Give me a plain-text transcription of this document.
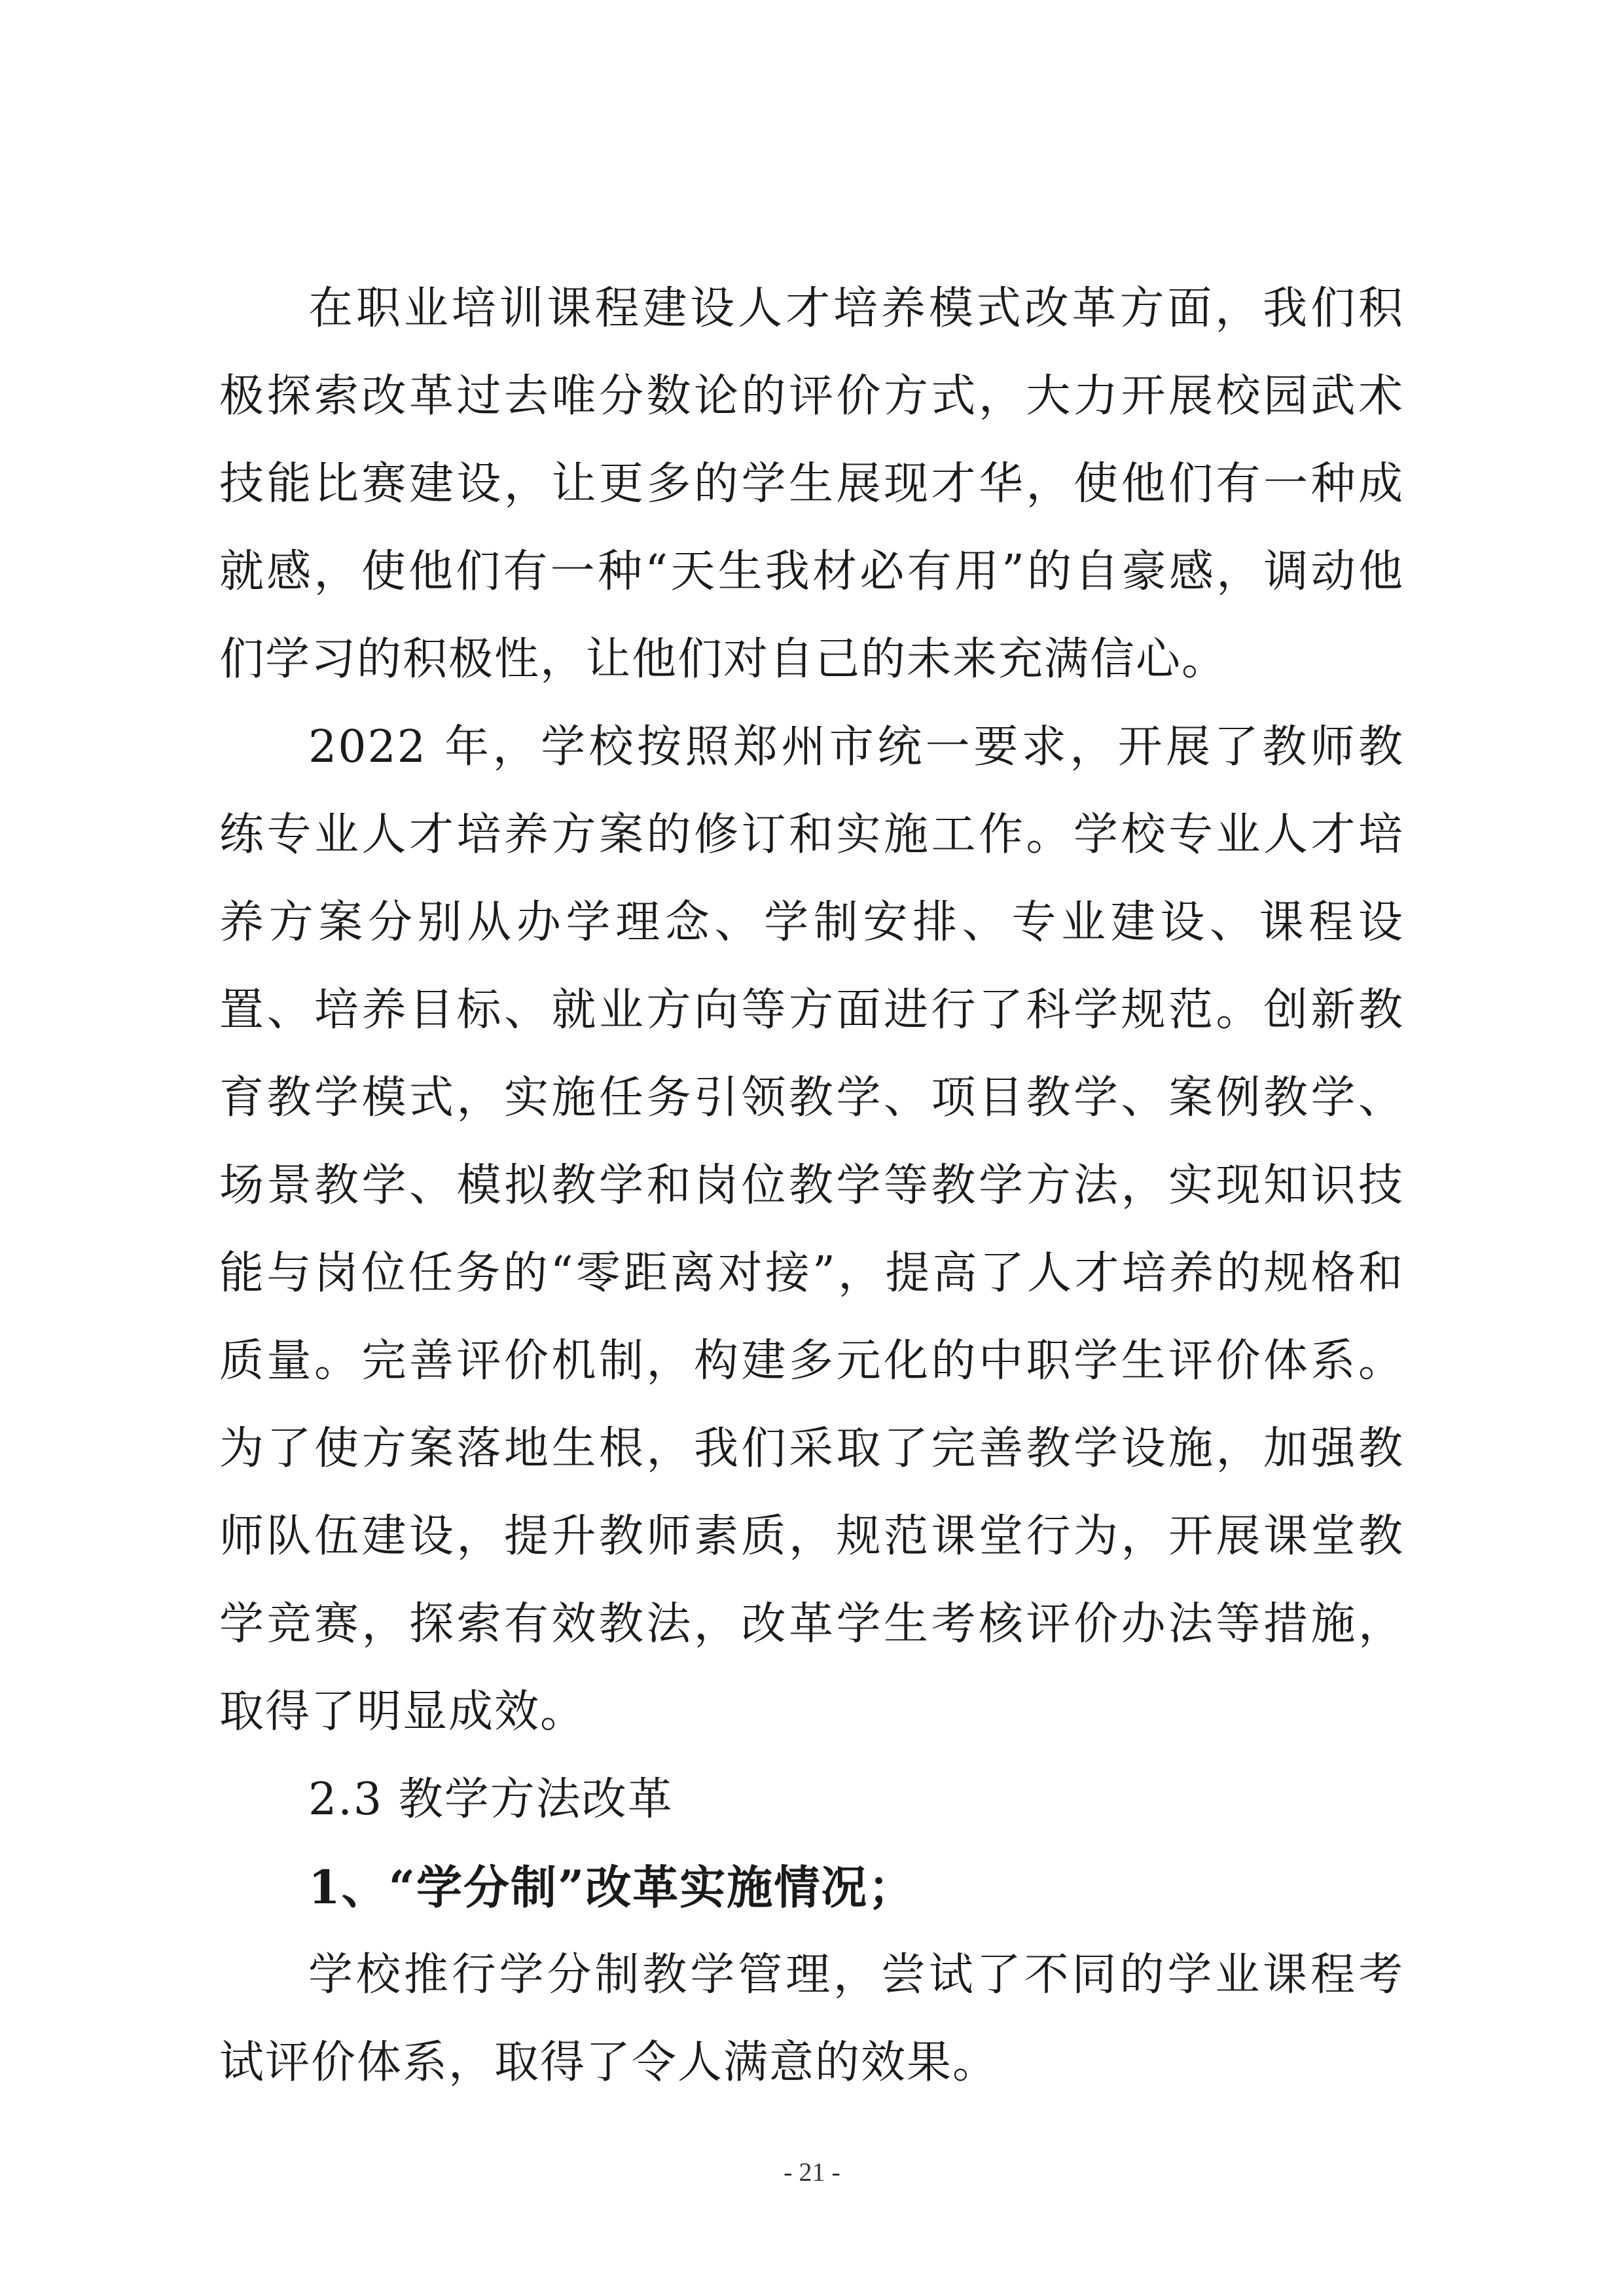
在职业培训课程建设人才培养模式改革方面，我们积极探索改革过去唯分数论的评价方式，大力开展校园武术技能比赛建设，让更多的学生展现才华，使他们有一种成就感，使他们有一种“天生我材必有用”的自豪感，调动他们学习的积极性，让他们对自己的未来充满信心。

2022 年，学校按照郑州市统一要求，开展了教师教练专业人才培养方案的修订和实施工作。学校专业人才培养方案分别从办学理念、学制安排、专业建设、课程设置、培养目标、就业方向等方面进行了科学规范。创新教育教学模式，实施任务引领教学、项目教学、案例教学、场景教学、模拟教学和岗位教学等教学方法，实现知识技能与岗位任务的“零距离对接”，提高了人才培养的规格和质量。完善评价机制，构建多元化的中职学生评价体系。为了使方案落地生根，我们采取了完善教学设施，加强教师队伍建设，提升教师素质，规范课堂行为，开展课堂教学竞赛，探索有效教法，改革学生考核评价办法等措施，取得了明显成效。

2.3 教学方法改革

1、“学分制”改革实施情况；

学校推行学分制教学管理，尝试了不同的学业课程考试评价体系，取得了令人满意的效果。

- 21 -
